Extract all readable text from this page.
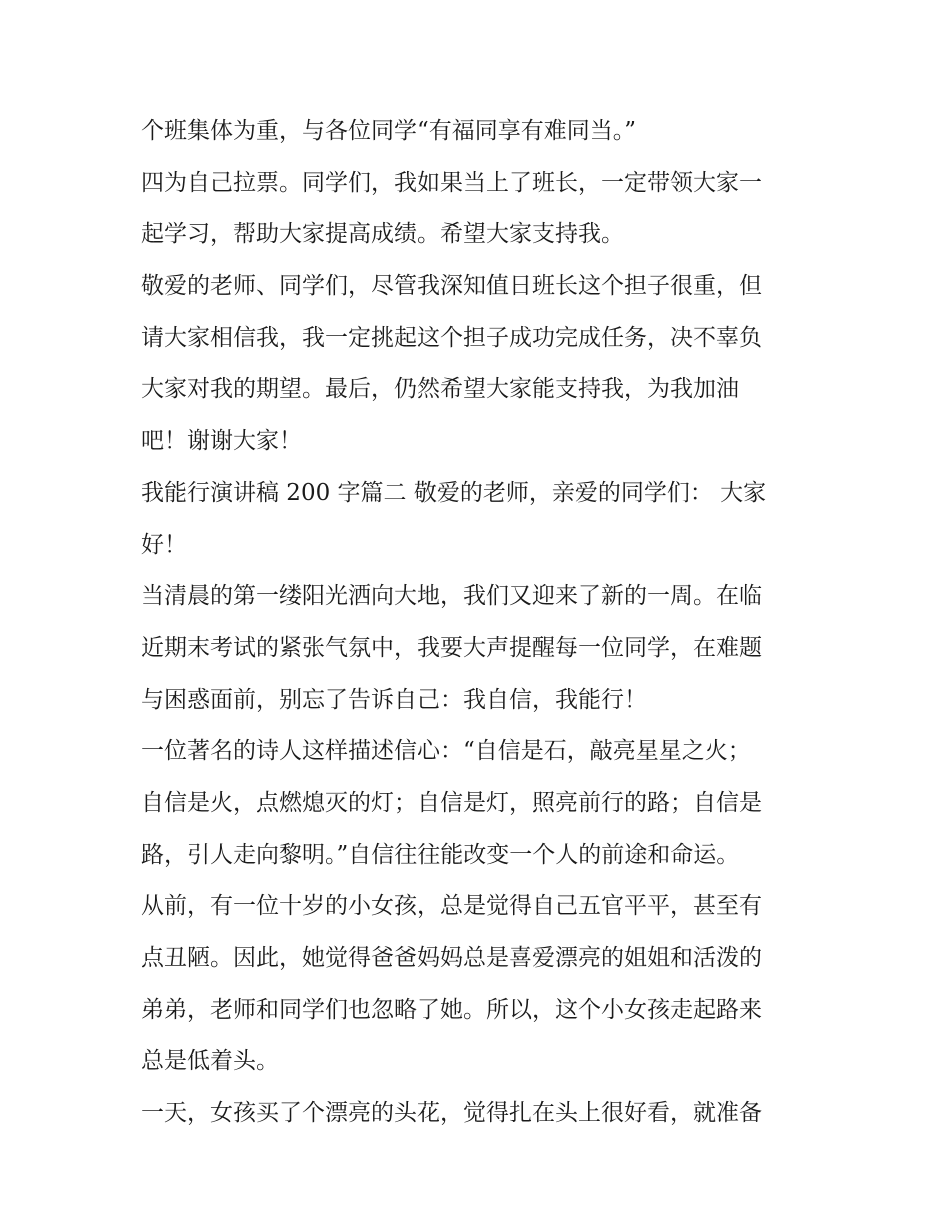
个班集体为重，与各位同学“有福同享有难同当。”
四为自己拉票。同学们，我如果当上了班长，一定带领大家一
起学习，帮助大家提高成绩。希望大家支持我。
敬爱的老师、同学们，尽管我深知值日班长这个担子很重，但
请大家相信我，我一定挑起这个担子成功完成任务，决不辜负
大家对我的期望。最后，仍然希望大家能支持我，为我加油
吧！谢谢大家！
我能行演讲稿 200 字篇二 敬爱的老师，亲爱的同学们： 大家
好！
当清晨的第一缕阳光洒向大地，我们又迎来了新的一周。在临
近期末考试的紧张气氛中，我要大声提醒每一位同学，在难题
与困惑面前，别忘了告诉自己：我自信，我能行！
一位著名的诗人这样描述信心：“自信是石，敲亮星星之火；
自信是火，点燃熄灭的灯；自信是灯，照亮前行的路；自信是
路，引人走向黎明。”自信往往能改变一个人的前途和命运。
从前，有一位十岁的小女孩，总是觉得自己五官平平，甚至有
点丑陋。因此，她觉得爸爸妈妈总是喜爱漂亮的姐姐和活泼的
弟弟，老师和同学们也忽略了她。所以，这个小女孩走起路来
总是低着头。
一天，女孩买了个漂亮的头花，觉得扎在头上很好看，就准备
